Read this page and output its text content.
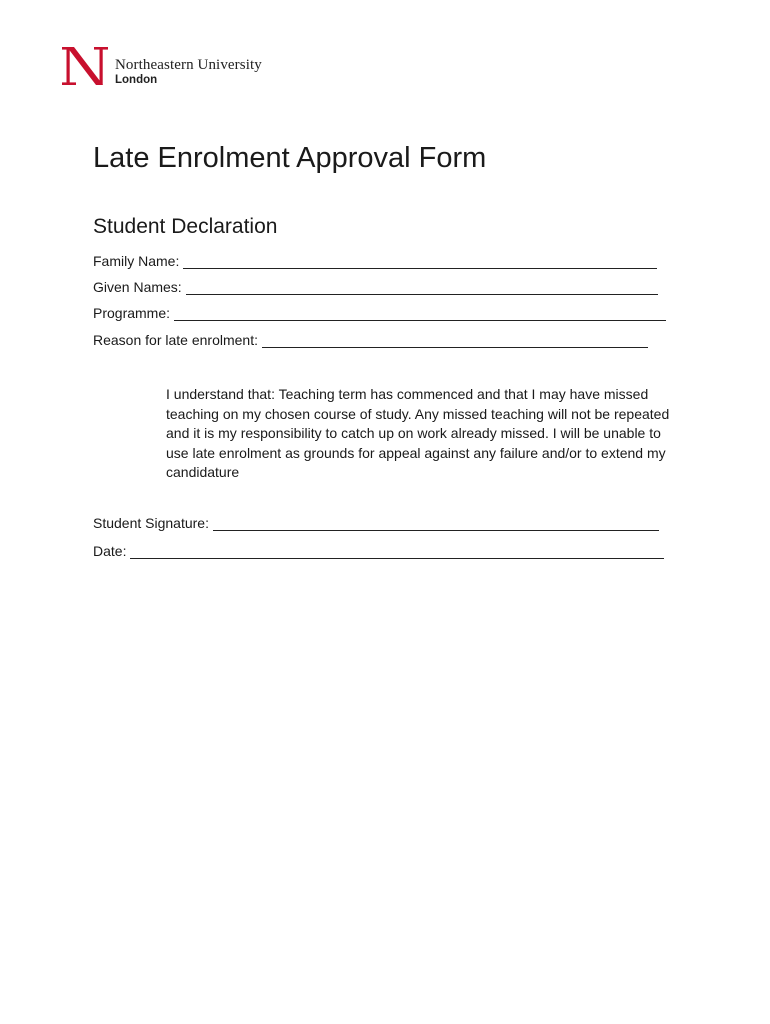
Northeastern University
London
Late Enrolment Approval Form
Student Declaration
Family Name:
Given Names:
Programme:
Reason for late enrolment:

I understand that: Teaching term has commenced and that I may have missed teaching on my chosen course of study. Any missed teaching will not be repeated and it is my responsibility to catch up on work already missed. I will be unable to use late enrolment as grounds for appeal against any failure and/or to extend my candidature

Student Signature:
Date:
